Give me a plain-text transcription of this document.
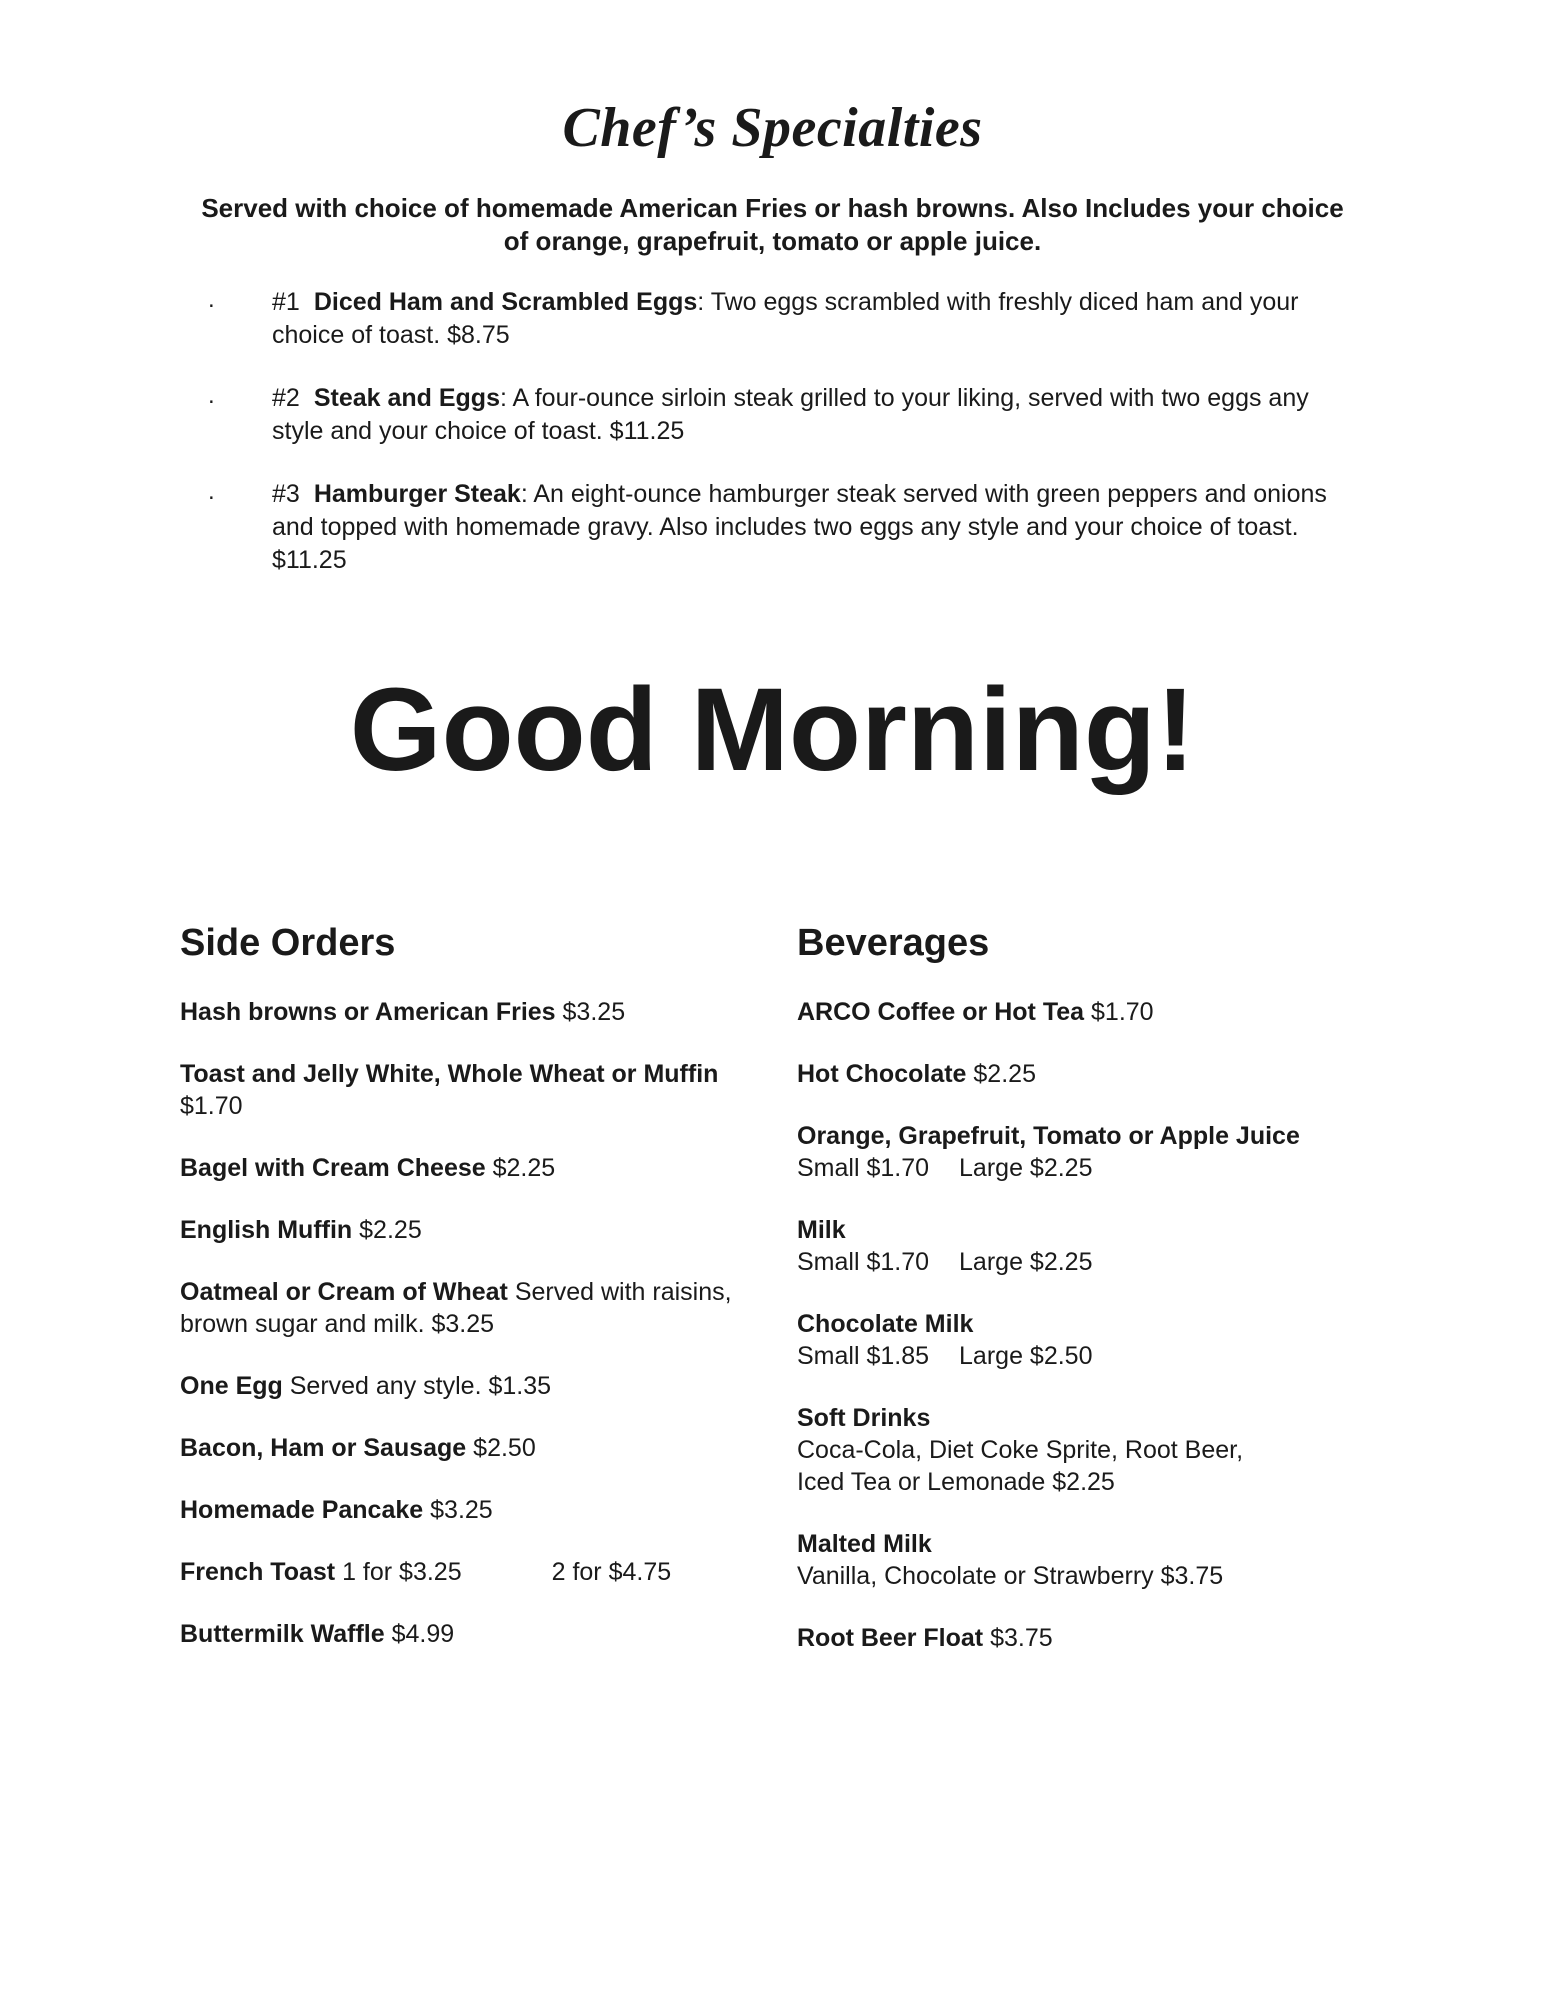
Chef’s Specialties
Served with choice of homemade American Fries or hash browns. Also Includes your choice of orange, grapefruit, tomato or apple juice.
. #1 Diced Ham and Scrambled Eggs: Two eggs scrambled with freshly diced ham and your choice of toast. $8.75
. #2 Steak and Eggs: A four-ounce sirloin steak grilled to your liking, served with two eggs any style and your choice of toast. $11.25
. #3 Hamburger Steak: An eight-ounce hamburger steak served with green peppers and onions and topped with homemade gravy. Also includes two eggs any style and your choice of toast. $11.25
Good Morning!
Side Orders
Hash browns or American Fries $3.25
Toast and Jelly White, Whole Wheat or Muffin $1.70
Bagel with Cream Cheese $2.25
English Muffin $2.25
Oatmeal or Cream of Wheat Served with raisins, brown sugar and milk. $3.25
One Egg Served any style. $1.35
Bacon, Ham or Sausage $2.50
Homemade Pancake $3.25
French Toast 1 for $3.25	2 for $4.75
Buttermilk Waffle $4.99
Beverages
ARCO Coffee or Hot Tea $1.70
Hot Chocolate $2.25
Orange, Grapefruit, Tomato or Apple Juice
Small $1.70 Large $2.25
Milk
Small $1.70 Large $2.25
Chocolate Milk
Small $1.85 Large $2.50
Soft Drinks
Coca-Cola, Diet Coke Sprite, Root Beer,
Iced Tea or Lemonade $2.25
Malted Milk
Vanilla, Chocolate or Strawberry $3.75
Root Beer Float $3.75
